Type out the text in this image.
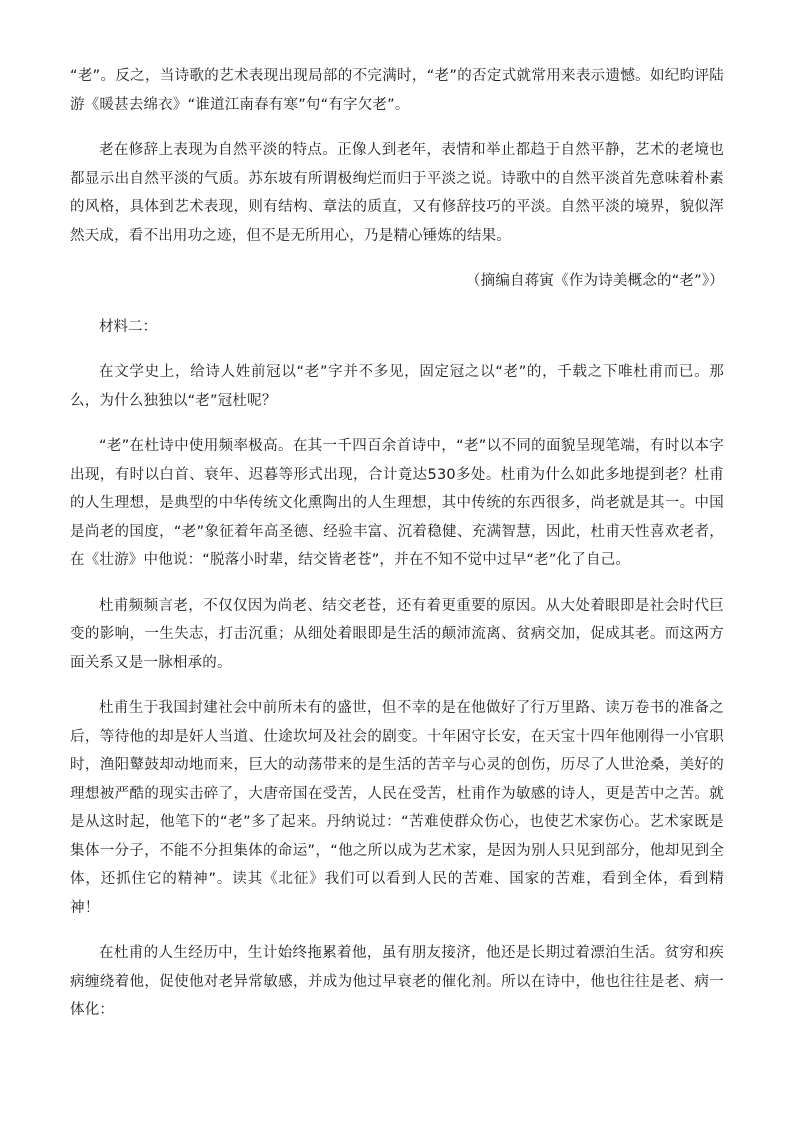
“老”。反之，当诗歌的艺术表现出现局部的不完满时，“老”的否定式就常用来表示遗憾。如纪昀评陆游《暖甚去绵衣》“谁道江南春有寒”句“有字欠老”。

老在修辞上表现为自然平淡的特点。正像人到老年，表情和举止都趋于自然平静，艺术的老境也都显示出自然平淡的气质。苏东坡有所谓极绚烂而归于平淡之说。诗歌中的自然平淡首先意味着朴素的风格，具体到艺术表现，则有结构、章法的质直，又有修辞技巧的平淡。自然平淡的境界，貌似浑然天成，看不出用功之迹，但不是无所用心，乃是精心锤炼的结果。

（摘编自蒋寅《作为诗美概念的“老”》）

材料二：

在文学史上，给诗人姓前冠以“老”字并不多见，固定冠之以“老”的，千载之下唯杜甫而已。那么，为什么独独以“老”冠杜呢？

“老”在杜诗中使用频率极高。在其一千四百余首诗中，“老”以不同的面貌呈现笔端，有时以本字出现，有时以白首、衰年、迟暮等形式出现，合计竟达530多处。杜甫为什么如此多地提到老？杜甫的人生理想，是典型的中华传统文化熏陶出的人生理想，其中传统的东西很多，尚老就是其一。中国是尚老的国度，“老”象征着年高圣德、经验丰富、沉着稳健、充满智慧，因此，杜甫天性喜欢老者，在《壮游》中他说：“脱落小时辈，结交皆老苍”，并在不知不觉中过早“老”化了自己。

杜甫频频言老，不仅仅因为尚老、结交老苍，还有着更重要的原因。从大处着眼即是社会时代巨变的影响，一生失志，打击沉重；从细处着眼即是生活的颠沛流离、贫病交加，促成其老。而这两方面关系又是一脉相承的。

杜甫生于我国封建社会中前所未有的盛世，但不幸的是在他做好了行万里路、读万卷书的准备之后，等待他的却是奸人当道、仕途坎坷及社会的剧变。十年困守长安，在天宝十四年他刚得一小官职时，渔阳鼙鼓却动地而来，巨大的动荡带来的是生活的苦辛与心灵的创伤，历尽了人世沧桑，美好的理想被严酷的现实击碎了，大唐帝国在受苦，人民在受苦，杜甫作为敏感的诗人，更是苦中之苦。就是从这时起，他笔下的“老”多了起来。丹纳说过：“苦难使群众伤心，也使艺术家伤心。艺术家既是集体一分子，不能不分担集体的命运”，“他之所以成为艺术家，是因为别人只见到部分，他却见到全体，还抓住它的精神”。读其《北征》我们可以看到人民的苦难、国家的苦难，看到全体，看到精神！

在杜甫的人生经历中，生计始终拖累着他，虽有朋友接济，他还是长期过着漂泊生活。贫穷和疾病缠绕着他，促使他对老异常敏感，并成为他过早衰老的催化剂。所以在诗中，他也往往是老、病一体化：
